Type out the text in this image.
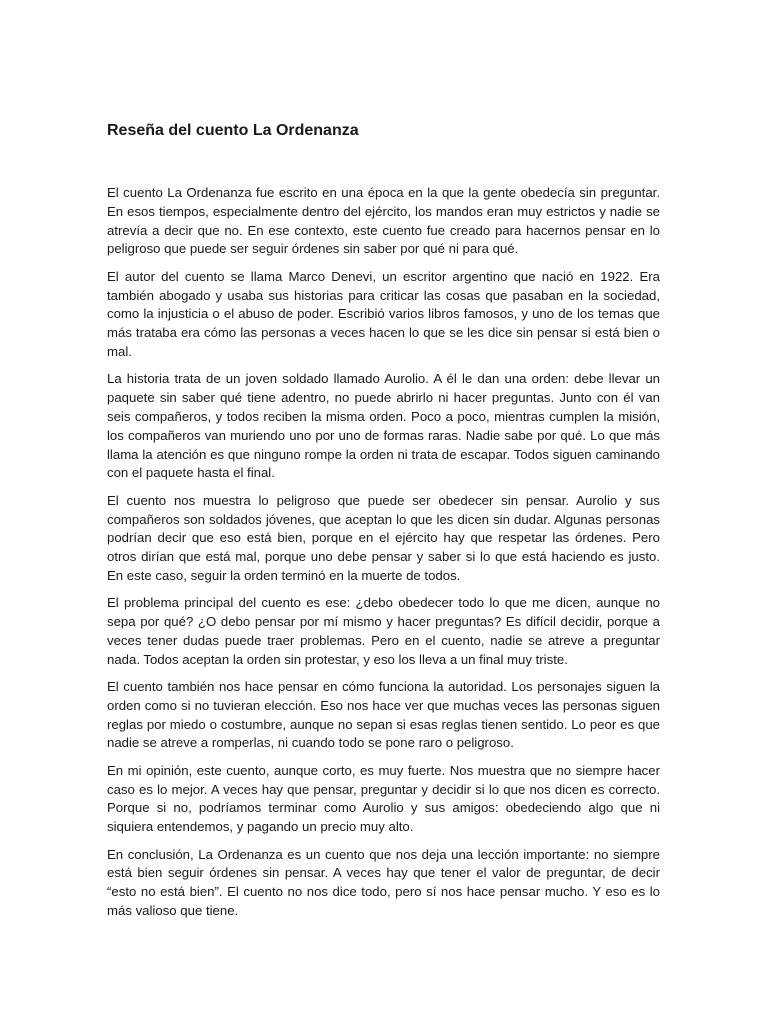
Reseña del cuento La Ordenanza

El cuento La Ordenanza fue escrito en una época en la que la gente obedecía sin preguntar. En esos tiempos, especialmente dentro del ejército, los mandos eran muy estrictos y nadie se atrevía a decir que no. En ese contexto, este cuento fue creado para hacernos pensar en lo peligroso que puede ser seguir órdenes sin saber por qué ni para qué.

El autor del cuento se llama Marco Denevi, un escritor argentino que nació en 1922. Era también abogado y usaba sus historias para criticar las cosas que pasaban en la sociedad, como la injusticia o el abuso de poder. Escribió varios libros famosos, y uno de los temas que más trataba era cómo las personas a veces hacen lo que se les dice sin pensar si está bien o mal.

La historia trata de un joven soldado llamado Aurolio. A él le dan una orden: debe llevar un paquete sin saber qué tiene adentro, no puede abrirlo ni hacer preguntas. Junto con él van seis compañeros, y todos reciben la misma orden. Poco a poco, mientras cumplen la misión, los compañeros van muriendo uno por uno de formas raras. Nadie sabe por qué. Lo que más llama la atención es que ninguno rompe la orden ni trata de escapar. Todos siguen caminando con el paquete hasta el final.

El cuento nos muestra lo peligroso que puede ser obedecer sin pensar. Aurolio y sus compañeros son soldados jóvenes, que aceptan lo que les dicen sin dudar. Algunas personas podrían decir que eso está bien, porque en el ejército hay que respetar las órdenes. Pero otros dirían que está mal, porque uno debe pensar y saber si lo que está haciendo es justo. En este caso, seguir la orden terminó en la muerte de todos.

El problema principal del cuento es ese: ¿debo obedecer todo lo que me dicen, aunque no sepa por qué? ¿O debo pensar por mí mismo y hacer preguntas? Es difícil decidir, porque a veces tener dudas puede traer problemas. Pero en el cuento, nadie se atreve a preguntar nada. Todos aceptan la orden sin protestar, y eso los lleva a un final muy triste.

El cuento también nos hace pensar en cómo funciona la autoridad. Los personajes siguen la orden como si no tuvieran elección. Eso nos hace ver que muchas veces las personas siguen reglas por miedo o costumbre, aunque no sepan si esas reglas tienen sentido. Lo peor es que nadie se atreve a romperlas, ni cuando todo se pone raro o peligroso.

En mi opinión, este cuento, aunque corto, es muy fuerte. Nos muestra que no siempre hacer caso es lo mejor. A veces hay que pensar, preguntar y decidir si lo que nos dicen es correcto. Porque si no, podríamos terminar como Aurolio y sus amigos: obedeciendo algo que ni siquiera entendemos, y pagando un precio muy alto.

En conclusión, La Ordenanza es un cuento que nos deja una lección importante: no siempre está bien seguir órdenes sin pensar. A veces hay que tener el valor de preguntar, de decir “esto no está bien”. El cuento no nos dice todo, pero sí nos hace pensar mucho. Y eso es lo más valioso que tiene.
